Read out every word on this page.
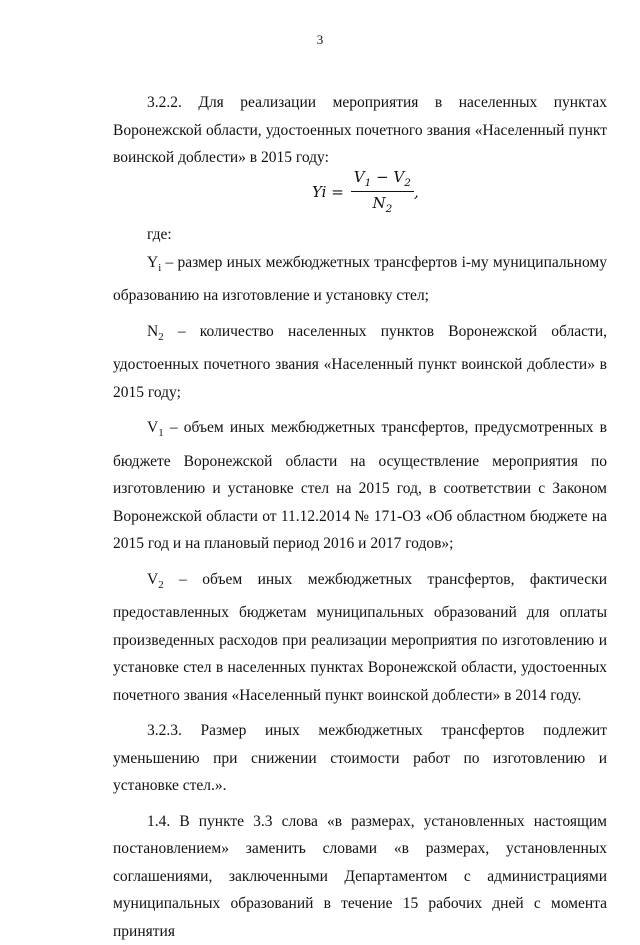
3

3.2.2. Для реализации мероприятия в населенных пунктах Воронежской области, удостоенных почетного звания «Населенный пункт воинской доблести» в 2015 году:

$Yi = \frac{V_1 - V_2}{N_2}$ ,

где:

$Y_i$ – размер иных межбюджетных трансфертов i-му муниципальному образованию на изготовление и установку стел;

$N_2$ – количество населенных пунктов Воронежской области, удостоенных почетного звания «Населенный пункт воинской доблести» в 2015 году;

$V_1$ – объем иных межбюджетных трансфертов, предусмотренных в бюджете Воронежской области на осуществление мероприятия по изготовлению и установке стел на 2015 год, в соответствии с Законом Воронежской области от 11.12.2014 № 171-ОЗ «Об областном бюджете на 2015 год и на плановый период 2016 и 2017 годов»;

$V_2$ – объем иных межбюджетных трансфертов, фактически предоставленных бюджетам муниципальных образований для оплаты произведенных расходов при реализации мероприятия по изготовлению и установке стел в населенных пунктах Воронежской области, удостоенных почетного звания «Населенный пункт воинской доблести» в 2014 году.

3.2.3. Размер иных межбюджетных трансфертов подлежит уменьшению при снижении стоимости работ по изготовлению и установке стел.».

1.4. В пункте 3.3 слова «в размерах, установленных настоящим постановлением» заменить словами «в размерах, установленных соглашениями, заключенными Департаментом с администрациями муниципальных образований в течение 15 рабочих дней с момента принятия
